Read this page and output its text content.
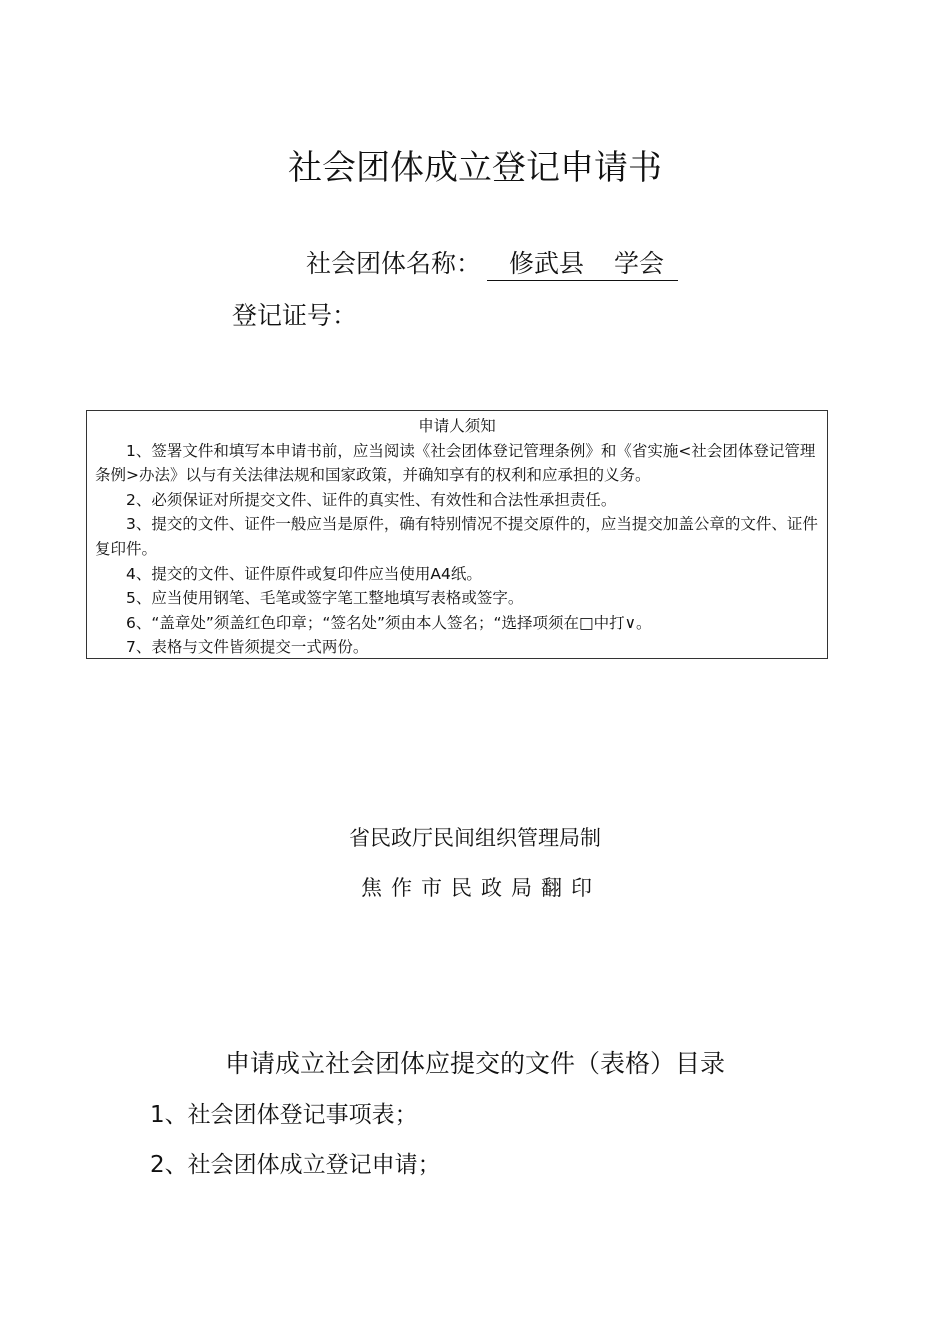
社会团体成立登记申请书
社会团体名称： 修武县 学会
登记证号：
申请人须知
1、签署文件和填写本申请书前，应当阅读《社会团体登记管理条例》和《省实施<社会团体登记管理条例>办法》以与有关法律法规和国家政策，并确知享有的权利和应承担的义务。
2、必须保证对所提交文件、证件的真实性、有效性和合法性承担责任。
3、提交的文件、证件一般应当是原件，确有特别情况不提交原件的，应当提交加盖公章的文件、证件复印件。
4、提交的文件、证件原件或复印件应当使用A4纸。
5、应当使用钢笔、毛笔或签字笔工整地填写表格或签字。
6、“盖章处”须盖红色印章；“签名处”须由本人签名；“选择项须在□中打∨。
7、表格与文件皆须提交一式两份。
省民政厅民间组织管理局制
焦作市民政局翻印
申请成立社会团体应提交的文件（表格）目录
1、社会团体登记事项表；
2、社会团体成立登记申请；
